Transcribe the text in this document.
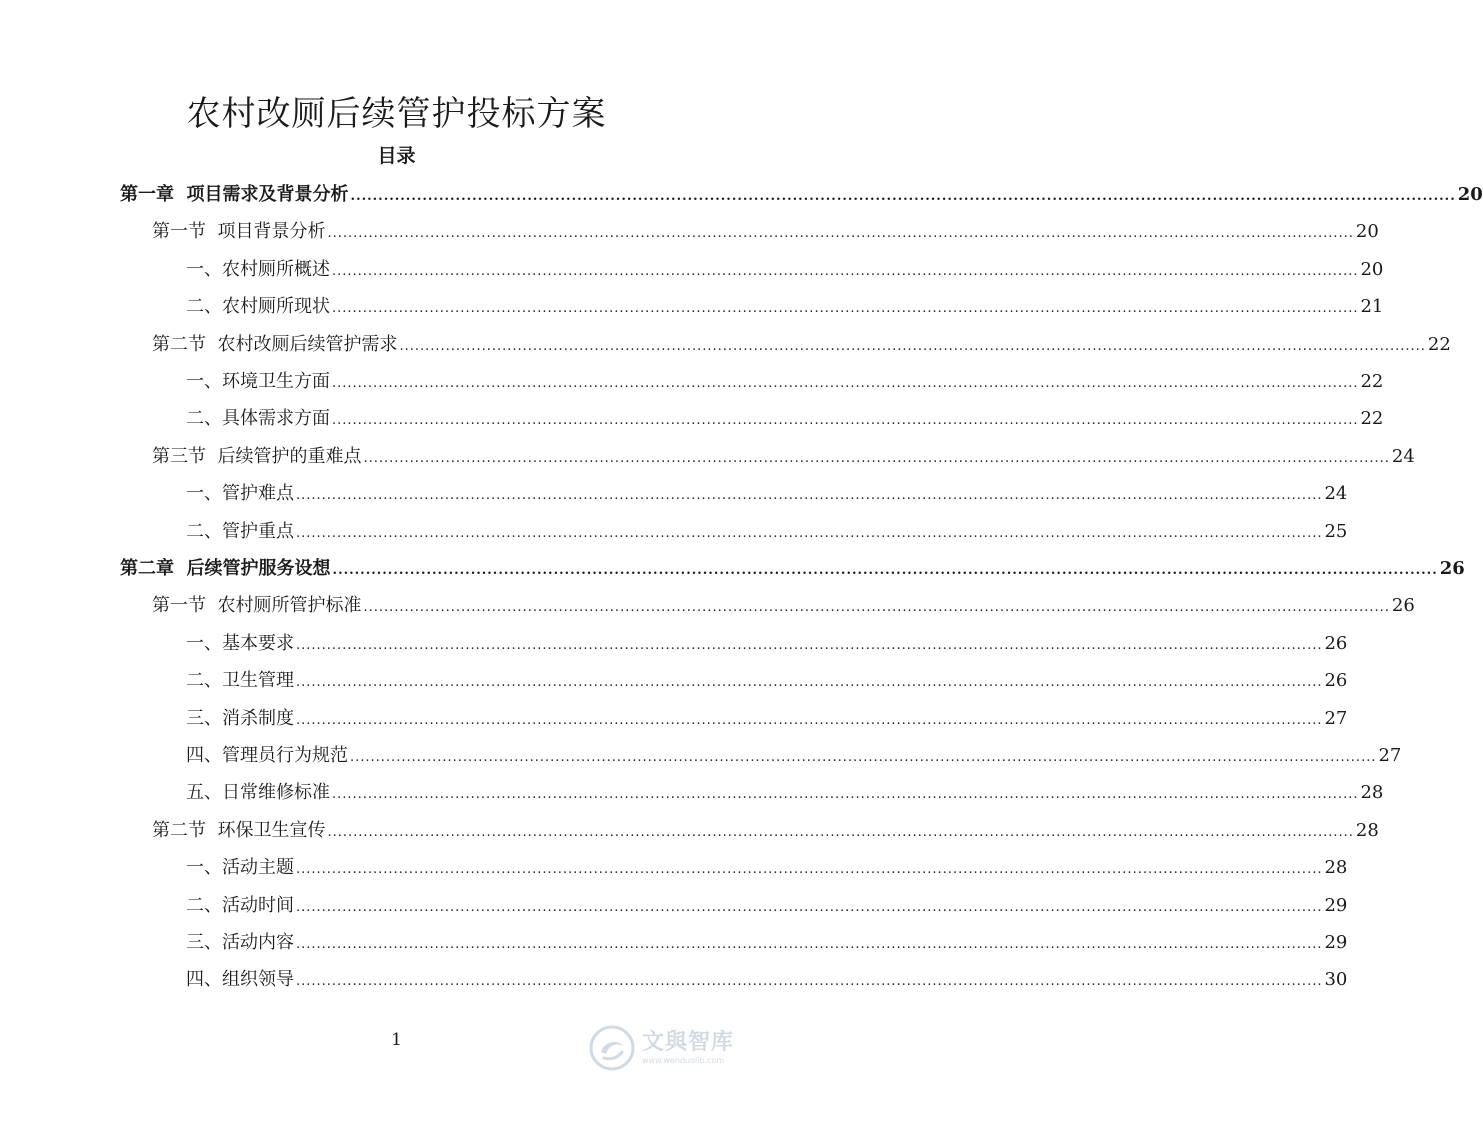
农村改厕后续管护投标方案
目录
第一章  项目需求及背景分析 ........................................................................................................................................................................................................ 20
第一节  项目背景分析 ........................................................................................................................................................................................................ 20
一、农村厕所概述 ........................................................................................................................................................................................................ 20
二、农村厕所现状 ........................................................................................................................................................................................................ 21
第二节  农村改厕后续管护需求 ........................................................................................................................................................................................................ 22
一、环境卫生方面 ........................................................................................................................................................................................................ 22
二、具体需求方面 ........................................................................................................................................................................................................ 22
第三节  后续管护的重难点 ........................................................................................................................................................................................................ 24
一、管护难点 ........................................................................................................................................................................................................ 24
二、管护重点 ........................................................................................................................................................................................................ 25
第二章  后续管护服务设想 ........................................................................................................................................................................................................ 26
第一节  农村厕所管护标准 ........................................................................................................................................................................................................ 26
一、基本要求 ........................................................................................................................................................................................................ 26
二、卫生管理 ........................................................................................................................................................................................................ 26
三、消杀制度 ........................................................................................................................................................................................................ 27
四、管理员行为规范 ........................................................................................................................................................................................................ 27
五、日常维修标准 ........................................................................................................................................................................................................ 28
第二节  环保卫生宣传 ........................................................................................................................................................................................................ 28
一、活动主题 ........................................................................................................................................................................................................ 28
二、活动时间 ........................................................................................................................................................................................................ 29
三、活动内容 ........................................................................................................................................................................................................ 29
四、组织领导 ........................................................................................................................................................................................................ 30
1	文與智库
www.wenduolib.com
